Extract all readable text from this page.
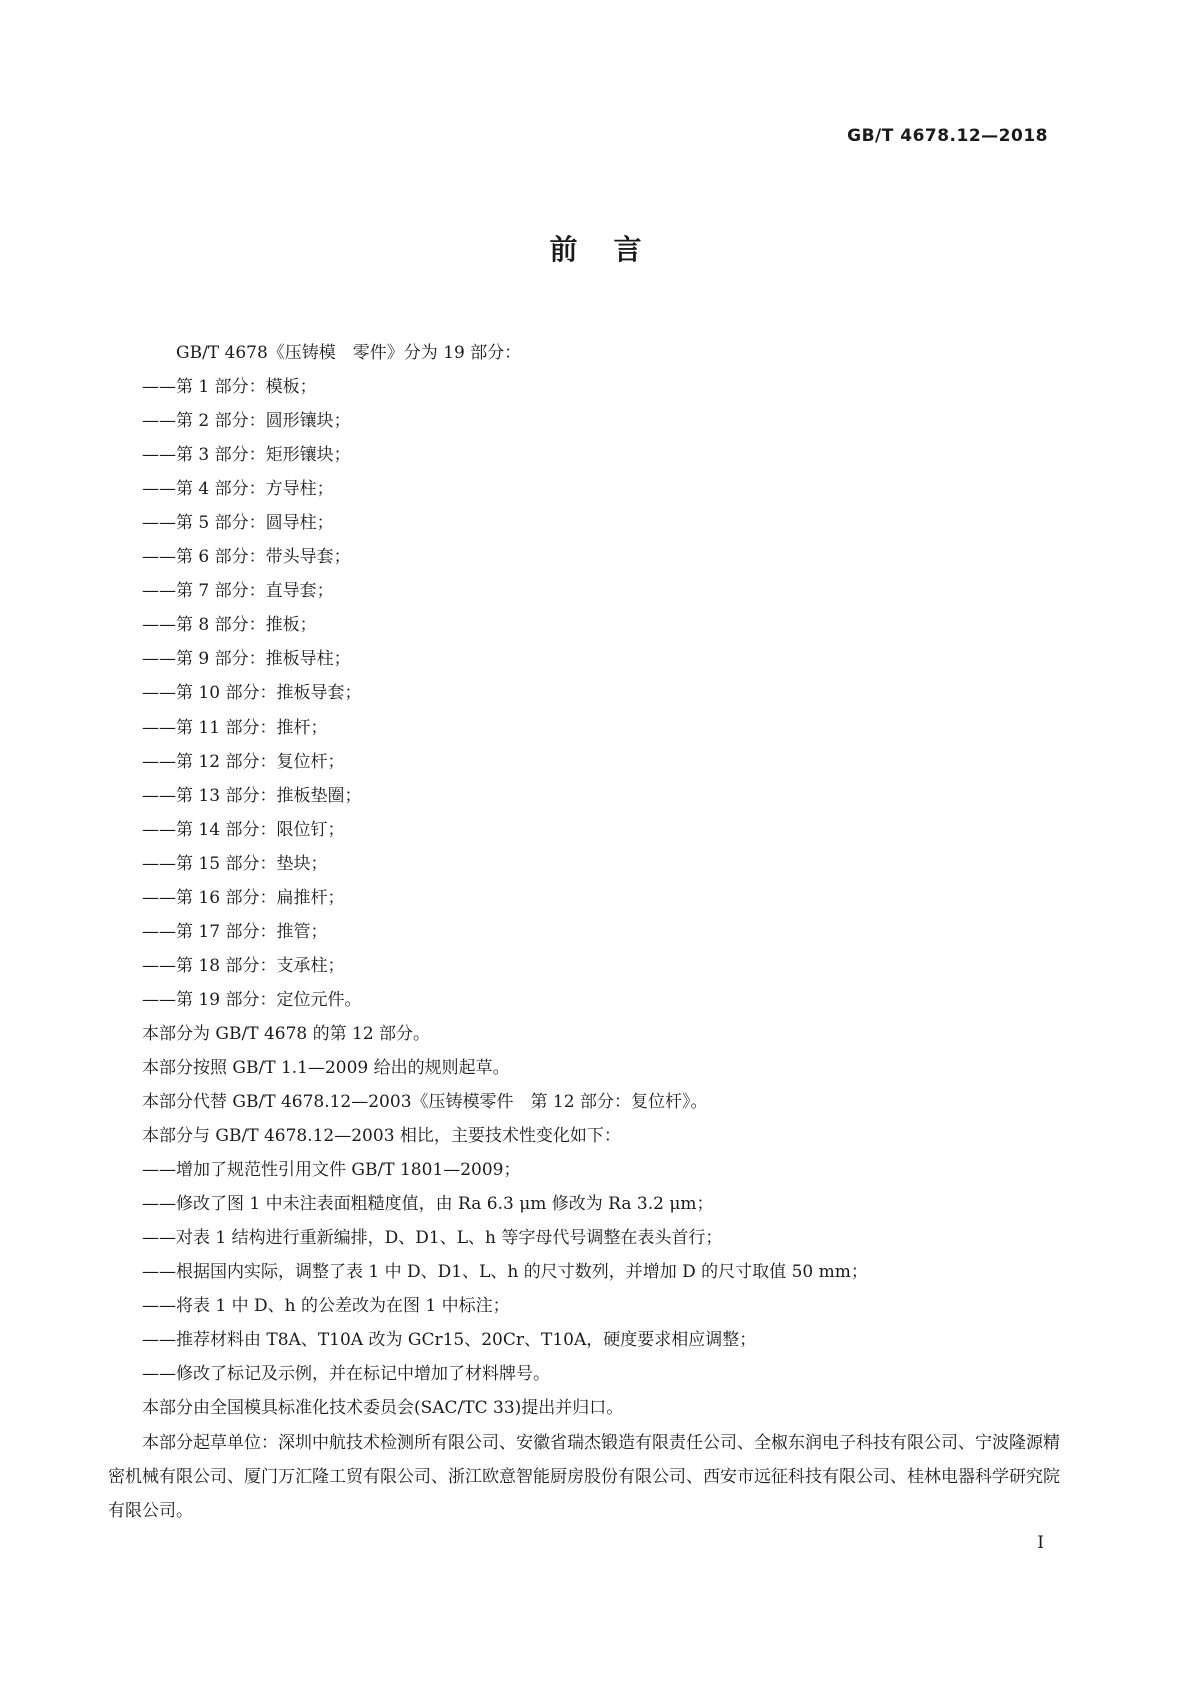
GB/T 4678.12—2018
前言
GB/T 4678《压铸模　零件》分为 19 部分：
——第 1 部分：模板；
——第 2 部分：圆形镶块；
——第 3 部分：矩形镶块；
——第 4 部分：方导柱；
——第 5 部分：圆导柱；
——第 6 部分：带头导套；
——第 7 部分：直导套；
——第 8 部分：推板；
——第 9 部分：推板导柱；
——第 10 部分：推板导套；
——第 11 部分：推杆；
——第 12 部分：复位杆；
——第 13 部分：推板垫圈；
——第 14 部分：限位钉；
——第 15 部分：垫块；
——第 16 部分：扁推杆；
——第 17 部分：推管；
——第 18 部分：支承柱；
——第 19 部分：定位元件。
本部分为 GB/T 4678 的第 12 部分。
本部分按照 GB/T 1.1—2009 给出的规则起草。
本部分代替 GB/T 4678.12—2003《压铸模零件　第 12 部分：复位杆》。
本部分与 GB/T 4678.12—2003 相比，主要技术性变化如下：
——增加了规范性引用文件 GB/T 1801—2009；
——修改了图 1 中未注表面粗糙度值，由 Ra 6.3 μm 修改为 Ra 3.2 μm；
——对表 1 结构进行重新编排，D、D1、L、h 等字母代号调整在表头首行；
——根据国内实际，调整了表 1 中 D、D1、L、h 的尺寸数列，并增加 D 的尺寸取值 50 mm；
——将表 1 中 D、h 的公差改为在图 1 中标注；
——推荐材料由 T8A、T10A 改为 GCr15、20Cr、T10A，硬度要求相应调整；
——修改了标记及示例，并在标记中增加了材料牌号。
本部分由全国模具标准化技术委员会(SAC/TC 33)提出并归口。

本部分起草单位：深圳中航技术检测所有限公司、安徽省瑞杰锻造有限责任公司、全椒东润电子科技有限公司、宁波隆源精密机械有限公司、厦门万汇隆工贸有限公司、浙江欧意智能厨房股份有限公司、西安市远征科技有限公司、桂林电器科学研究院有限公司。

I
